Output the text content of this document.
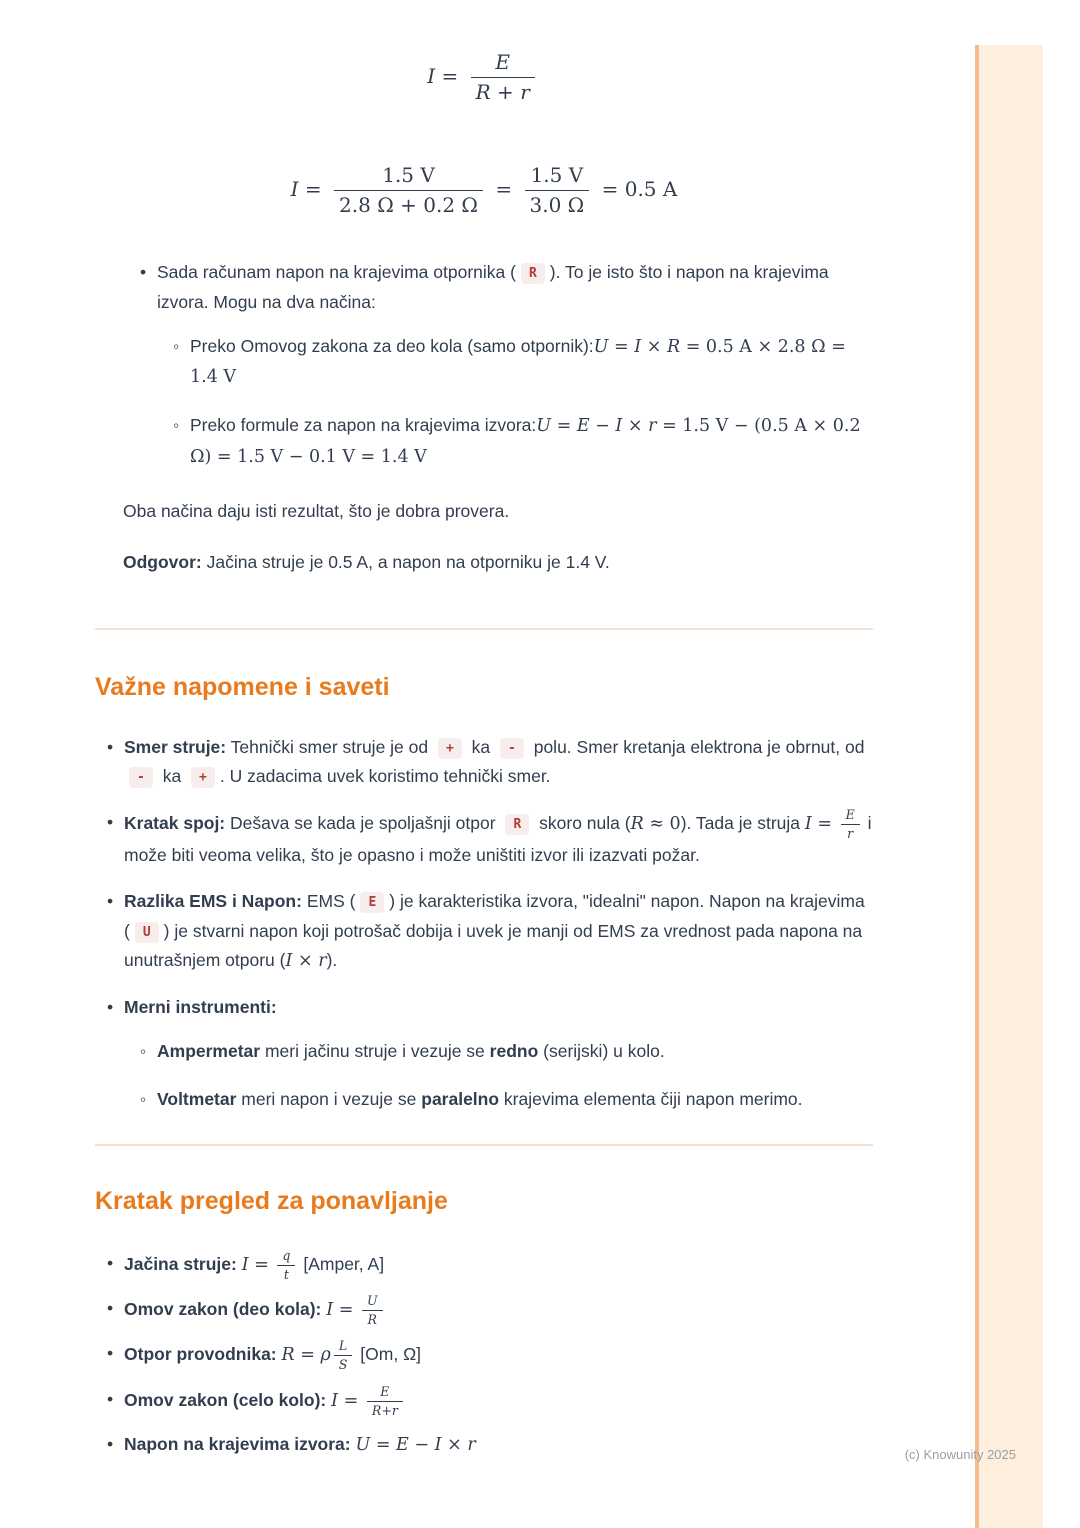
$I = \frac{E}{R + r}$
$I = \frac{1.5 V}{2.8 \Omega + 0.2 \Omega} = \frac{1.5 V}{3.0 \Omega} = 0.5$ A
• Sada računam napon na krajevima otpornika ( R ). To je isto što i napon na krajevima izvora. Mogu na dva načina:
◦ Preko Omovog zakona za deo kola (samo otpornik):U = I × R = 0.5 A × 2.8 Ω = 1.4 V
◦ Preko formule za napon na krajevima izvora:U = E − I × r = 1.5 V − (0.5 A × 0.2 Ω) = 1.5 V − 0.1 V = 1.4 V

Oba načina daju isti rezultat, što je dobra provera.

Odgovor: Jačina struje je 0.5 A, a napon na otporniku je 1.4 V.

Važne napomene i saveti
• Smer struje: Tehnički smer struje je od + ka - polu. Smer kretanja elektrona je obrnut, od - ka + . U zadacima uvek koristimo tehnički smer.
• Kratak spoj: Dešava se kada je spoljašnji otpor R skoro nula (R ≈ 0). Tada je struja $I = \frac{E}{r}$ i može biti veoma velika, što je opasno i može uništiti izvor ili izazvati požar.
• Razlika EMS i Napon: EMS ( E ) je karakteristika izvora, "idealni" napon. Napon na krajevima ( U ) je stvarni napon koji potrošač dobija i uvek je manji od EMS za vrednost pada napona na unutrašnjem otporu (I × r).
• Merni instrumenti:
◦ Ampermetar meri jačinu struje i vezuje se redno (serijski) u kolo.
◦ Voltmetar meri napon i vezuje se paralelno krajevima elementa čiji napon merimo.
Kratak pregled za ponavljanje
• Jačina struje: $I = \frac{q}{t}$ [Amper, A]
• Omov zakon (deo kola): $I = \frac{U}{R}$
• Otpor provodnika: R = ρ $\frac{L}{S} [Om$, Ω]
• Omov zakon (celo kolo): $I = \frac{E}{R+r}$
• Napon na krajevima izvora: U = E − I × r	(c) Knowunity 2025
